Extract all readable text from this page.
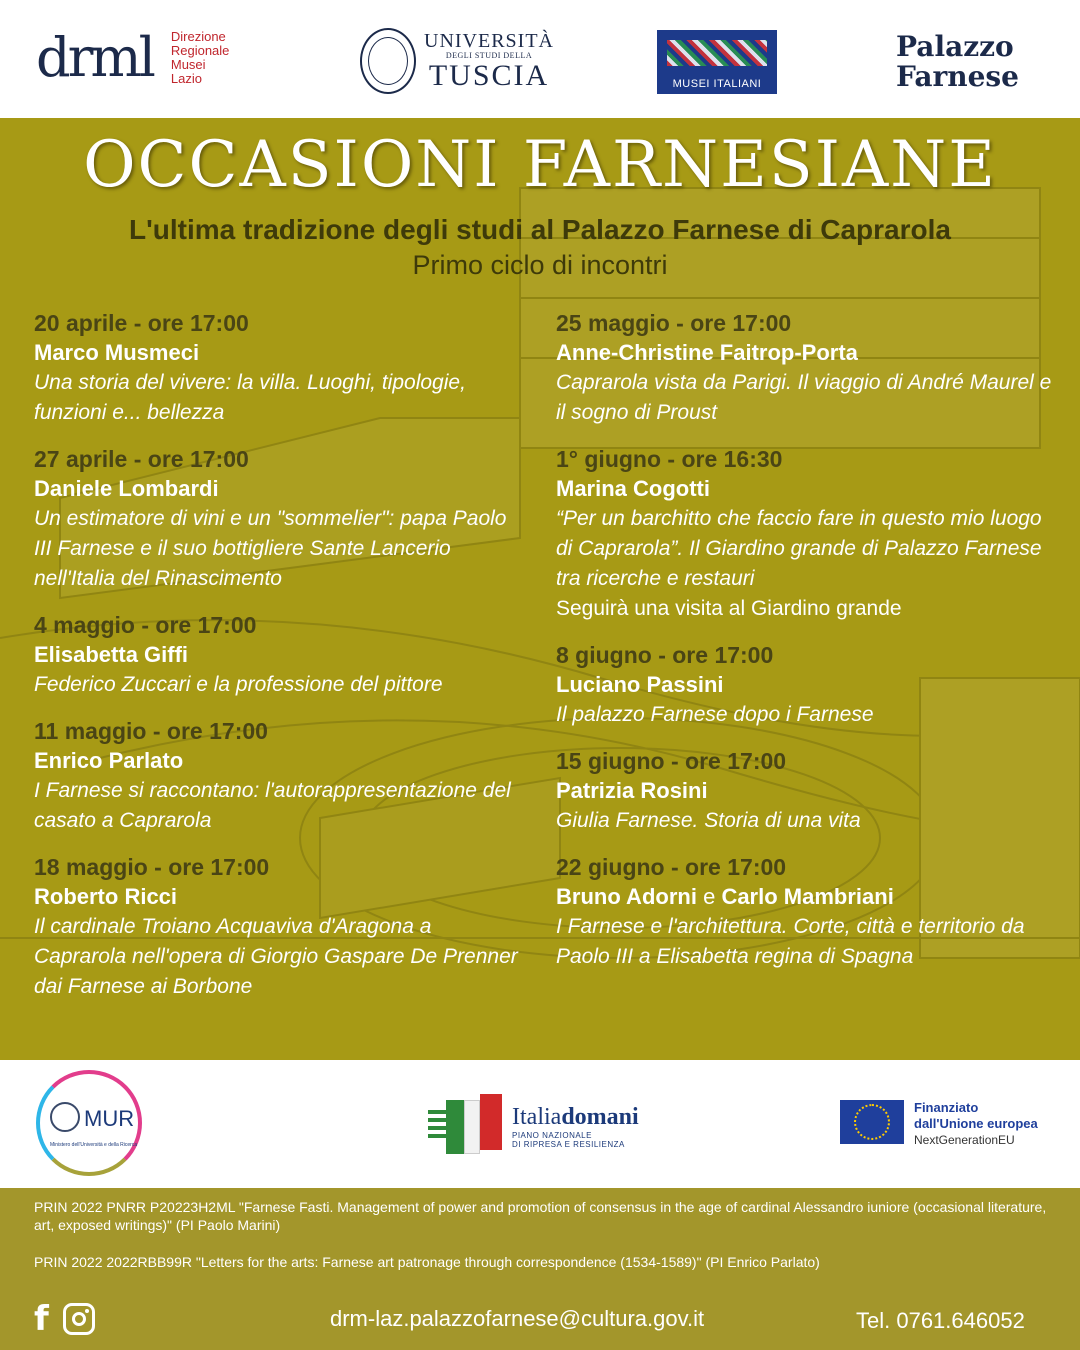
drml Direzione
Regionale
Musei
Lazio
UNIVERSITÀ
DEGLI STUDI DELLA
TUSCIA	MUSEI ITALIANI
Palazzo
Farnese
OCCASIONI FARNESIANE
L'ultima tradizione degli studi al Palazzo Farnese di Caprarola
Primo ciclo di incontri
20 aprile - ore 17:00
Marco Musmeci
Una storia del vivere: la villa. Luoghi, tipologie, funzioni e... bellezza
27 aprile - ore 17:00
Daniele Lombardi
Un estimatore di vini e un "sommelier": papa Paolo III Farnese e il suo bottigliere Sante Lancerio nell'Italia del Rinascimento
4 maggio - ore 17:00
Elisabetta Giffi
Federico Zuccari e la professione del pittore
11 maggio - ore 17:00
Enrico Parlato
I Farnese si raccontano: l'autorappresentazione del casato a Caprarola
18 maggio - ore 17:00
Roberto Ricci
Il cardinale Troiano Acquaviva d'Aragona a Caprarola nell'opera di Giorgio Gaspare De Prenner dai Farnese ai Borbone
25 maggio - ore 17:00
Anne-Christine Faitrop-Porta
Caprarola vista da Parigi. Il viaggio di André Maurel e il sogno di Proust
1° giugno - ore 16:30
Marina Cogotti
“Per un barchitto che faccio fare in questo mio luogo di Caprarola”. Il Giardino grande di Palazzo Farnese tra ricerche e restauri
Seguirà una visita al Giardino grande
8 giugno - ore 17:00
Luciano Passini
Il palazzo Farnese dopo i Farnese
15 giugno - ore 17:00
Patrizia Rosini
Giulia Farnese. Storia di una vita
22 giugno - ore 17:00
Bruno Adorni e Carlo Mambriani
I Farnese e l'architettura. Corte, città e territorio da Paolo III a Elisabetta regina di Spagna
MUR
Ministero dell'Università e della Ricerca
Italiadomani
PIANO NAZIONALE
DI RIPRESA E RESILIENZA
Finanziato
dall'Unione europea
NextGenerationEU
PRIN 2022 PNRR P20223H2ML "Farnese Fasti. Management of power and promotion of consensus in the age of cardinal Alessandro iuniore (occasional literature, art, exposed writings)" (PI Paolo Marini)
PRIN 2022 2022RBB99R "Letters for the arts: Farnese art patronage through correspondence (1534-1589)" (PI Enrico Parlato)
f	drm-laz.palazzofarnese@cultura.gov.it	Tel. 0761.646052
